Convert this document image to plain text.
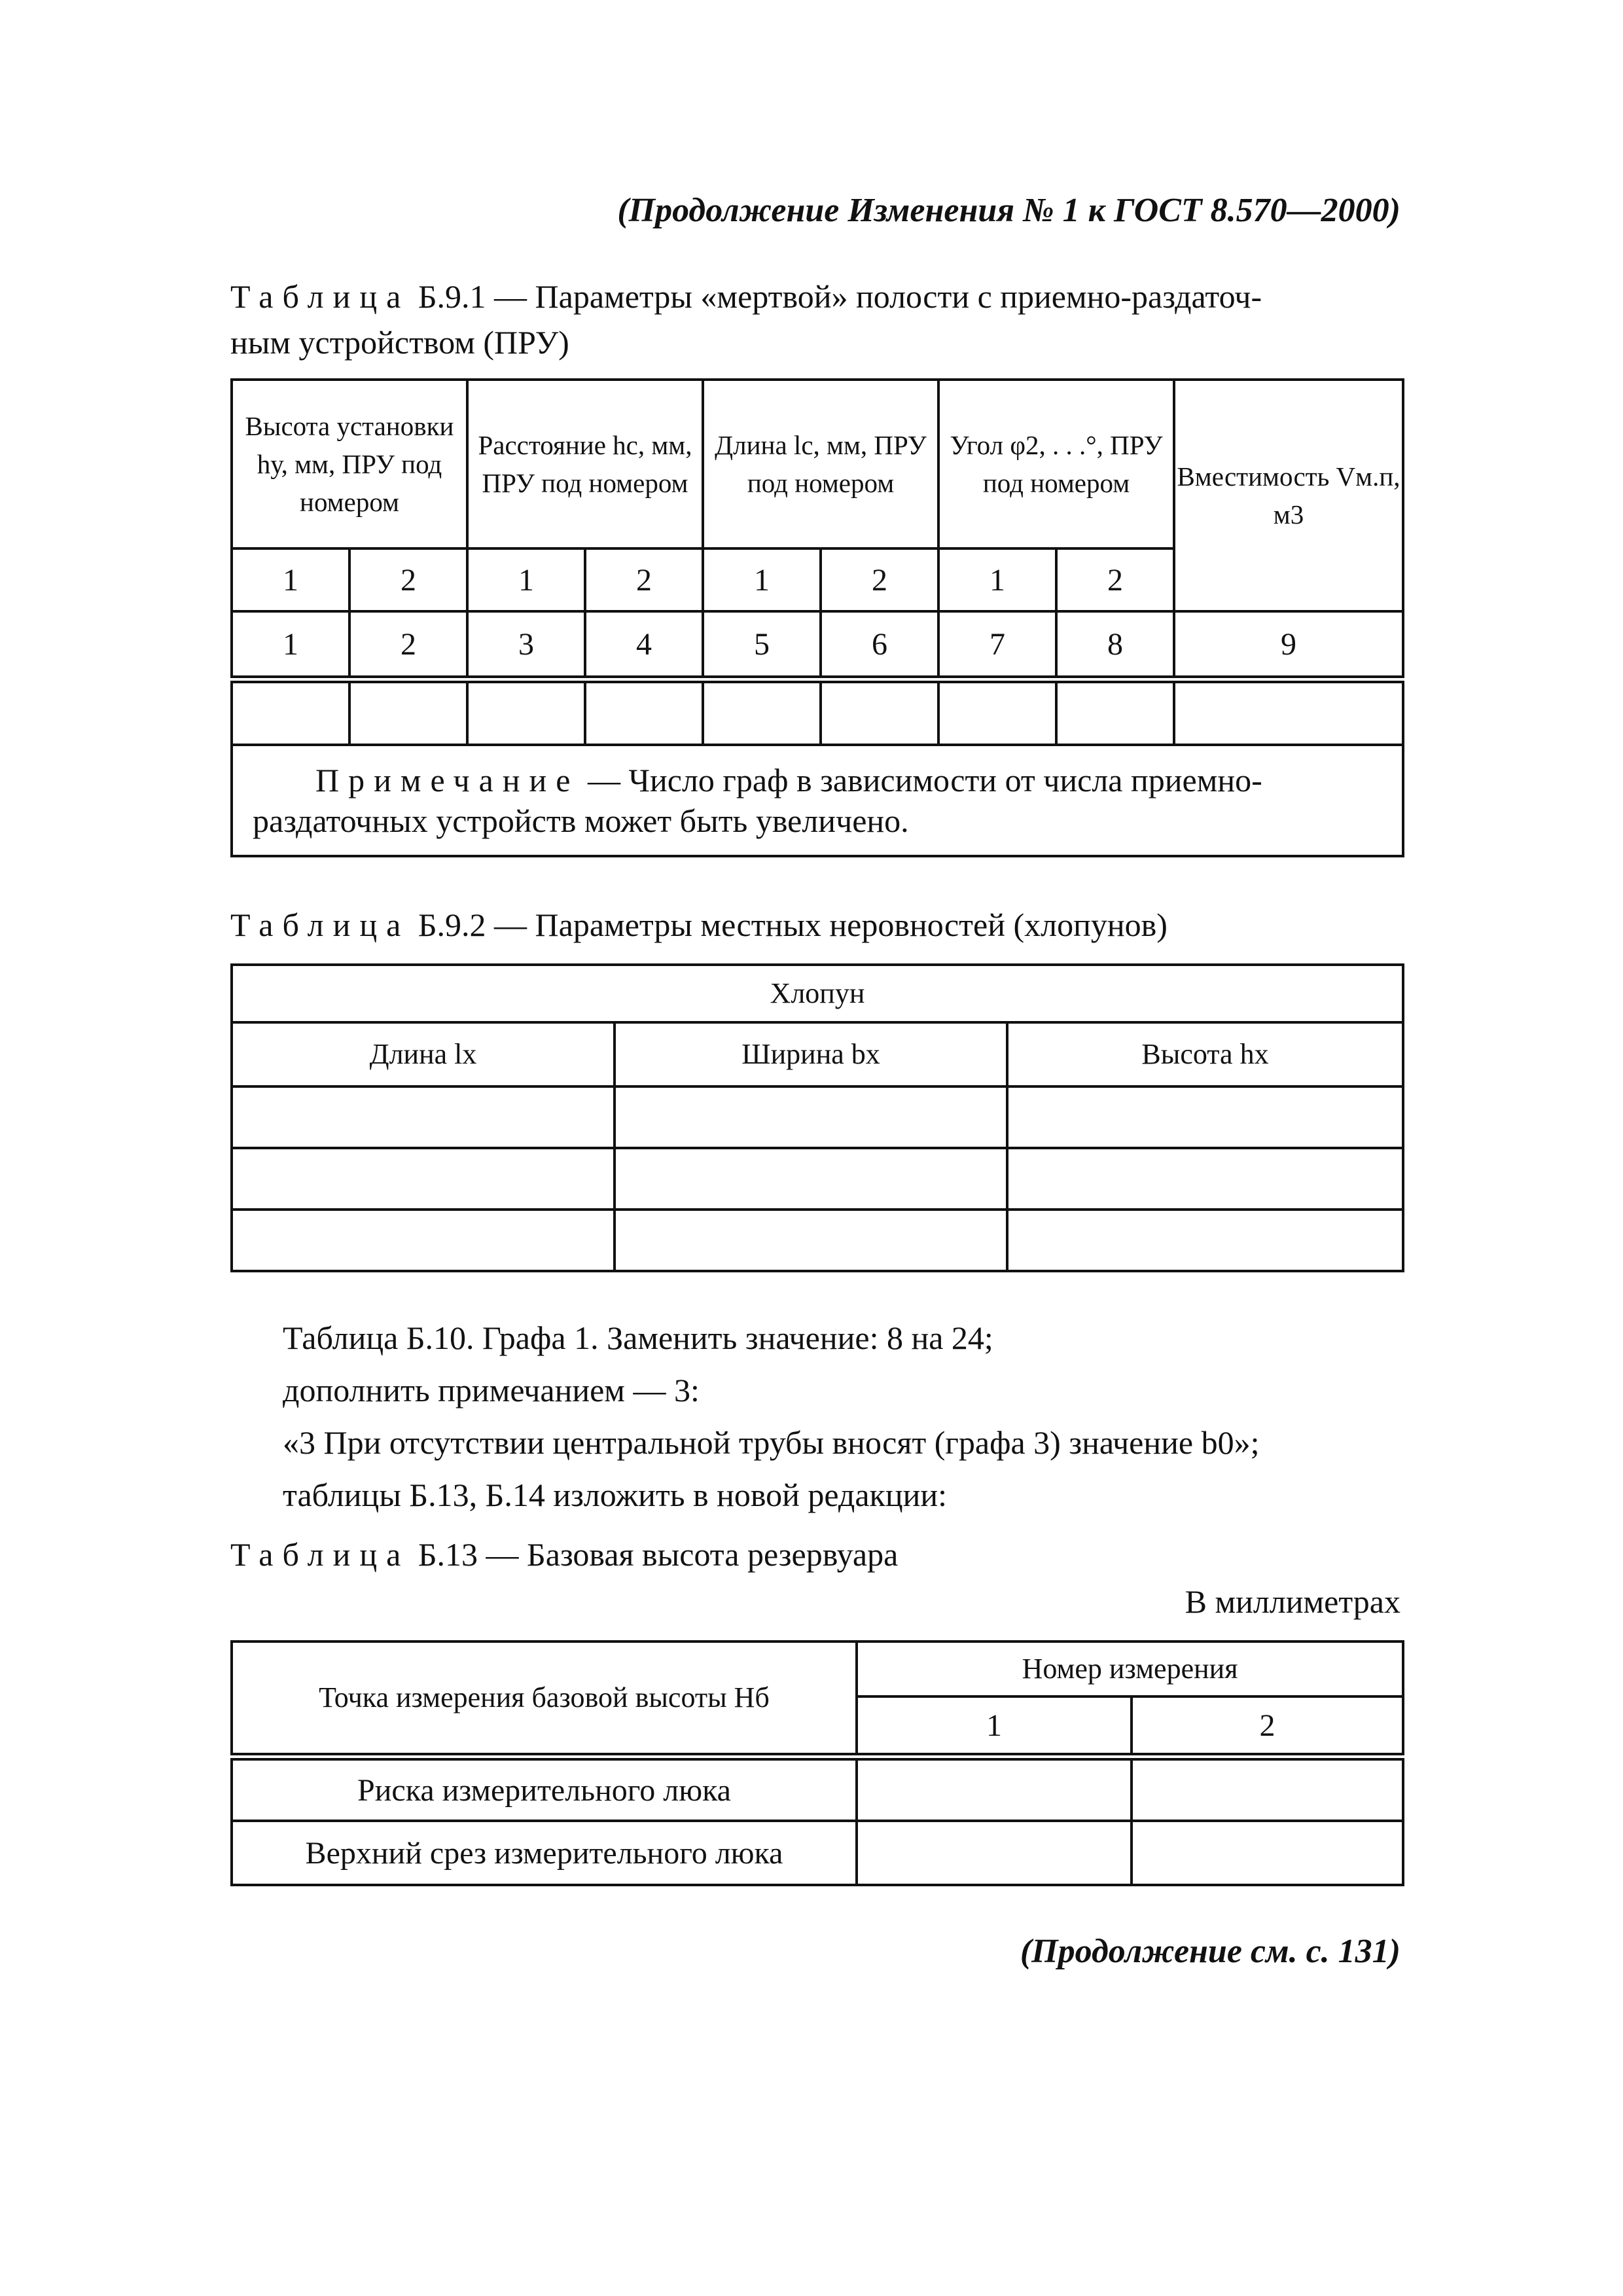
(Продолжение Изменения № 1 к ГОСТ 8.570—2000)
Таблица Б.9.1 — Параметры «мертвой» полости с приемно-раздаточ-
ным устройством (ПРУ)
Высота установки hу, мм, ПРУ под номером		Расстояние hс, мм, ПРУ под номером		Длина lс, мм, ПРУ под номером		Угол φ2, . . .°, ПРУ под номером		Вместимость Vм.п, м3
1	2	1	2	1	2	1	2	
1	2	3	4	5	6	7	8	9

Примечание — Число граф в зависимости от числа приемно-
раздаточных устройств может быть увеличено.								
Таблица Б.9.2 — Параметры местных неровностей (хлопунов)
Хлопун		
Длина lх	Ширина bх	Высота hх

Таблица Б.10. Графа 1. Заменить значение: 8 на 24;
дополнить примечанием — 3:
«3 При отсутствии центральной трубы вносят (графа 3) значение b0»;
таблицы Б.13, Б.14 изложить в новой редакции:
Таблица Б.13 — Базовая высота резервуара
В миллиметрах
Точка измерения базовой высоты Нб	Номер измерения	
	1	2
Риска измерительного люка		
Верхний срез измерительного люка		
(Продолжение см. с. 131)
